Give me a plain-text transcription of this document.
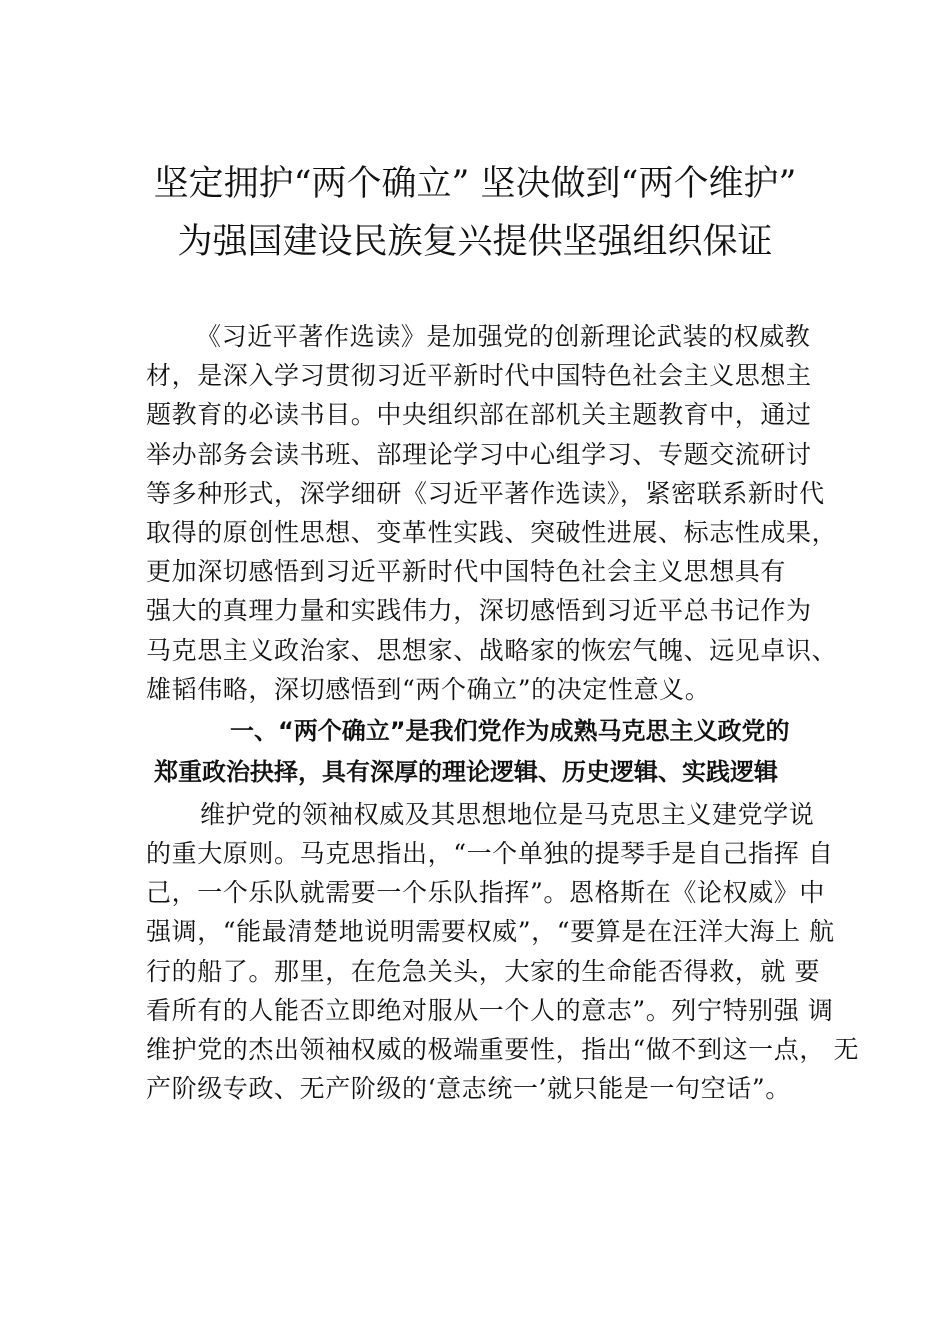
坚定拥护“两个确立” 坚决做到“两个维护”
为强国建设民族复兴提供坚强组织保证
《习近平著作选读》是加强党的创新理论武装的权威教
材，是深入学习贯彻习近平新时代中国特色社会主义思想主
题教育的必读书目。中央组织部在部机关主题教育中，通过
举办部务会读书班、部理论学习中心组学习、专题交流研讨
等多种形式，深学细研《习近平著作选读》，紧密联系新时代
取得的原创性思想、变革性实践、突破性进展、标志性成果，
更加深切感悟到习近平新时代中国特色社会主义思想具有
强大的真理力量和实践伟力，深切感悟到习近平总书记作为
马克思主义政治家、思想家、战略家的恢宏气魄、远见卓识、
雄韬伟略，深切感悟到“两个确立”的决定性意义。
一、“两个确立”是我们党作为成熟马克思主义政党的
郑重政治抉择，具有深厚的理论逻辑、历史逻辑、实践逻辑
维护党的领袖权威及其思想地位是马克思主义建党学说
的重大原则。马克思指出，“一个单独的提琴手是自己指挥 自
己，一个乐队就需要一个乐队指挥”。恩格斯在《论权威》中
强调，“能最清楚地说明需要权威”，“要算是在汪洋大海上 航
行的船了。那里，在危急关头，大家的生命能否得救，就 要
看所有的人能否立即绝对服从一个人的意志”。列宁特别强 调
维护党的杰出领袖权威的极端重要性，指出“做不到这一点， 无
产阶级专政、无产阶级的‘意志统一’就只能是一句空话”。
